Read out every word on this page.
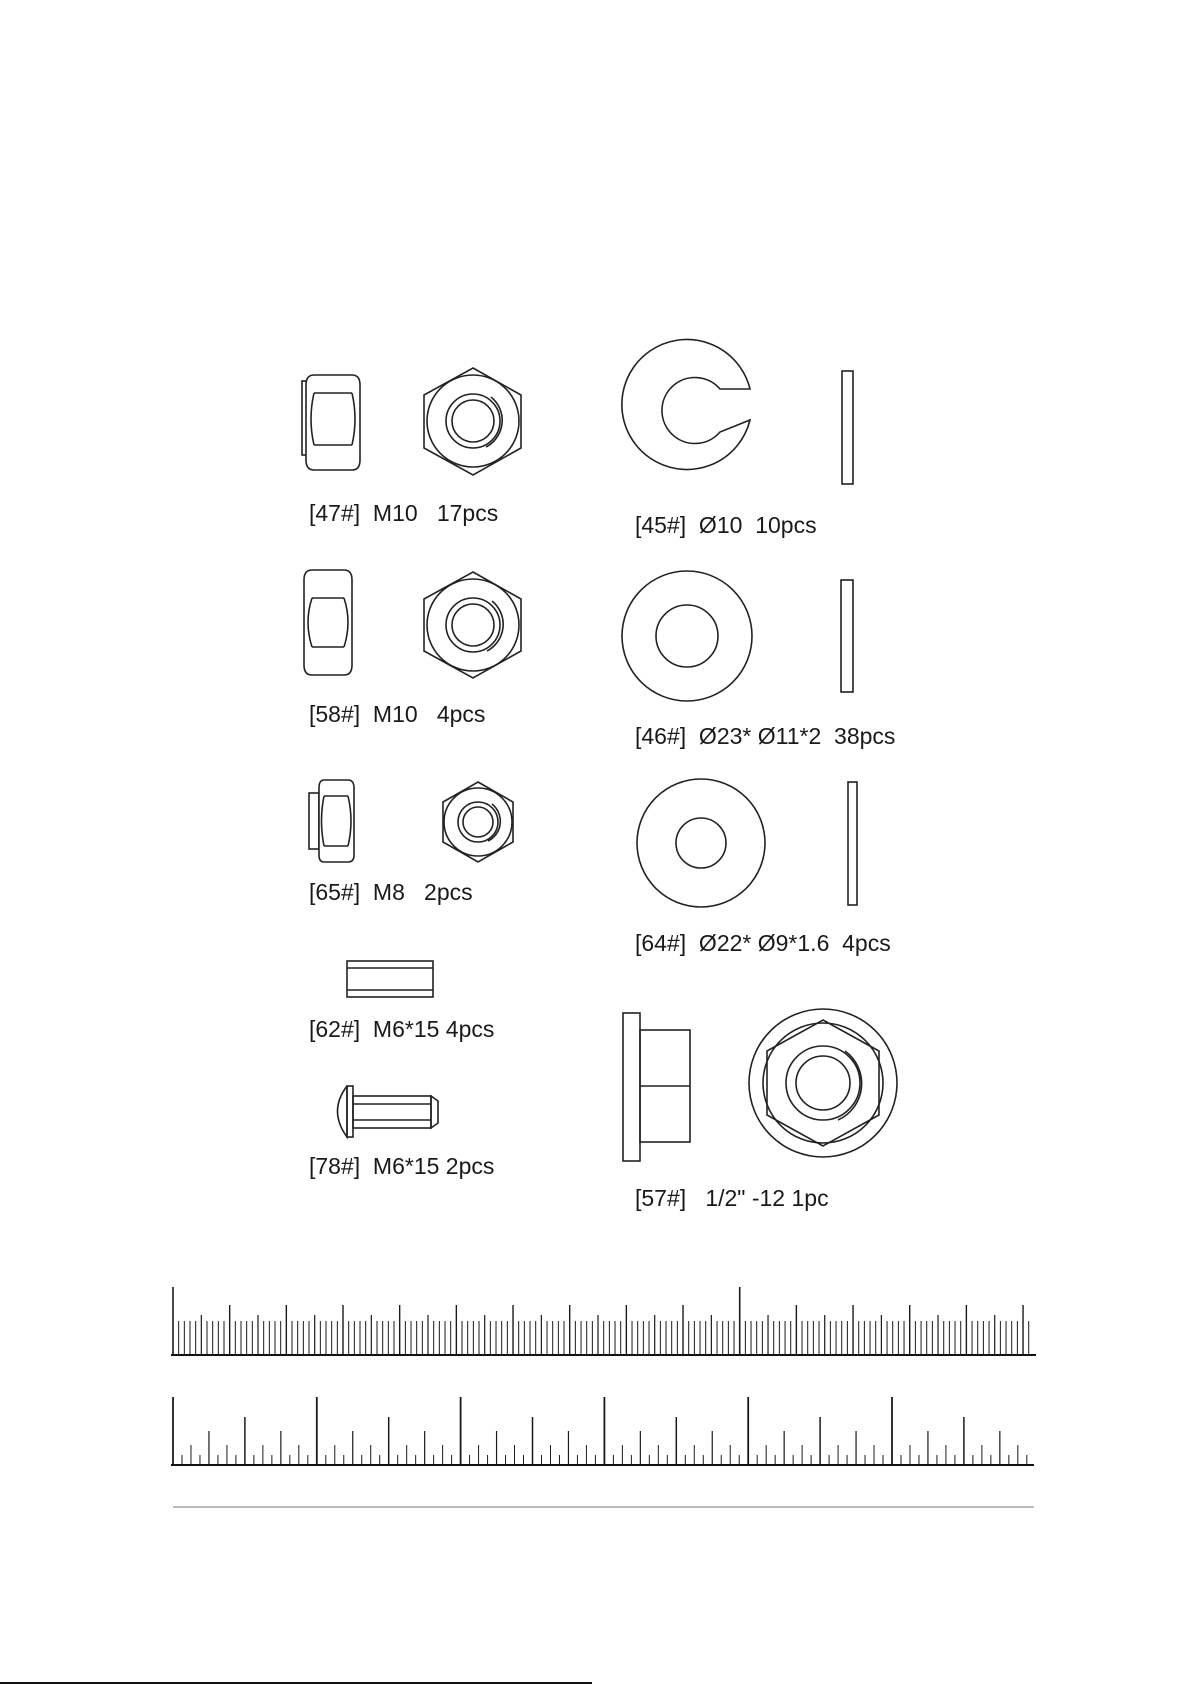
[47#]  M10   17pcs	[45#]  Ø10  10pcs
[58#]  M10   4pcs
[46#]  Ø23* Ø11*2  38pcs
[65#]  M8   2pcs
[64#]  Ø22* Ø9*1.6  4pcs
[62#]  M6*15 4pcs
[78#]  M6*15 2pcs
[57#]   1/2" -12 1pc
